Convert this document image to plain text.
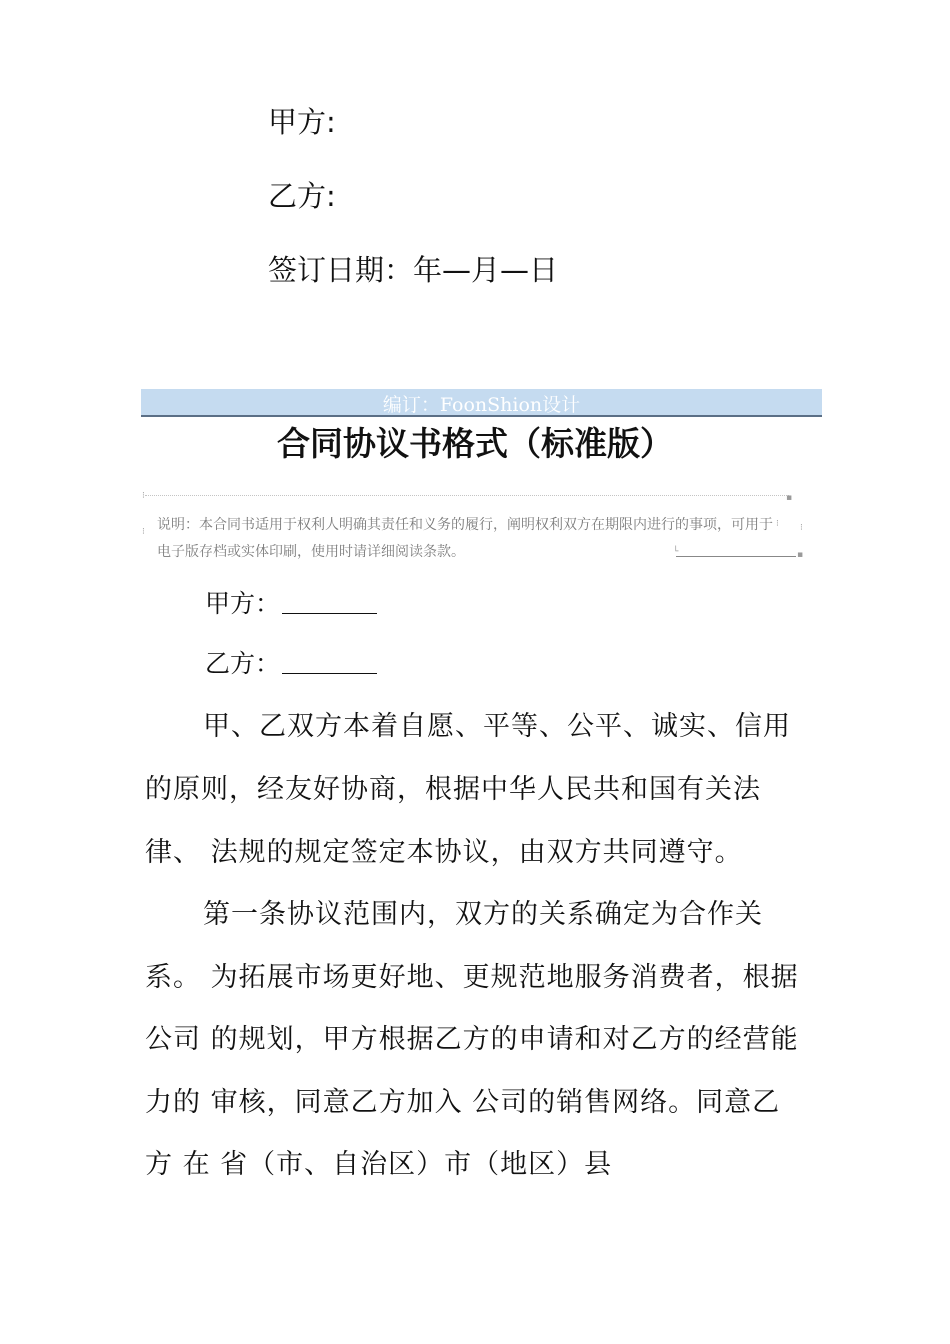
甲方:
乙方:
签订日期：年—月—日
编订：FoonShion设计
合同协议书格式（标准版）
说明：本合同书适用于权利人明确其责任和义务的履行，阐明权利双方在期限内进行的事项，可用于电子版存档或实体印刷，使用时请详细阅读条款。
⁝
⁝
▪
⁝ ⁝
└	▪
甲方：
乙方：
甲、乙双方本着自愿、平等、公平、诚实、信用
的原则，经友好协商，根据中华人民共和国有关法
律、 法规的规定签定本协议，由双方共同遵守。
第一条协议范围内，双方的关系确定为合作关
系。 为拓展市场更好地、更规范地服务消费者，根据
公司 的规划，甲方根据乙方的申请和对乙方的经营能
力的 审核，同意乙方加入 公司的销售网络。同意乙
方 在 省（市、自治区）市（地区）县
